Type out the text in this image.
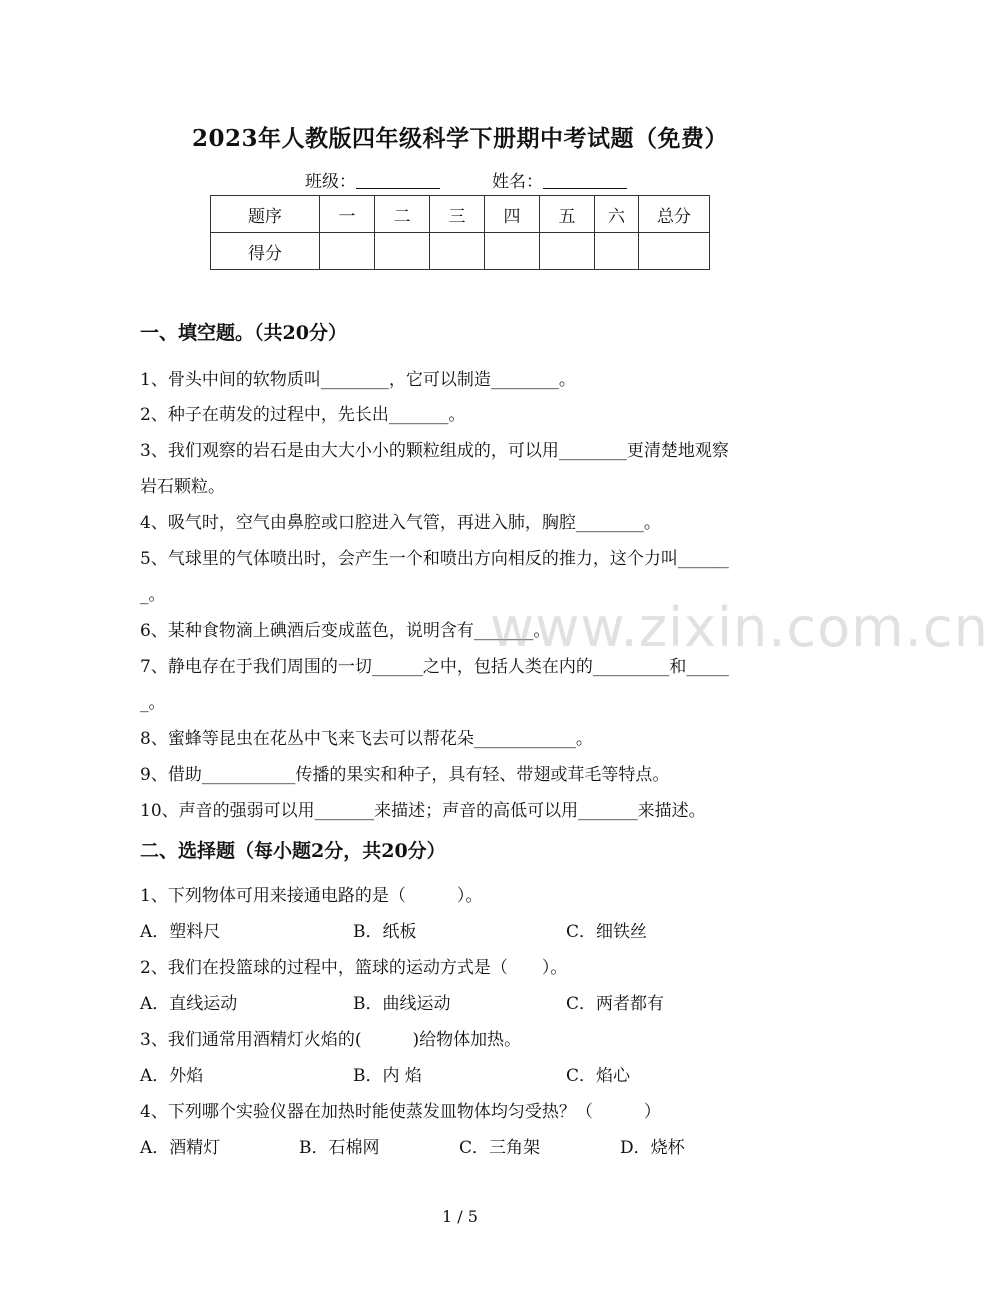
2023年人教版四年级科学下册期中考试题（免费）
班级：	姓名：
题序	一	二	三	四	五	六	总分
得分							
一、填空题。（共20分）
1、骨头中间的软物质叫________，它可以制造________。
2、种子在萌发的过程中，先长出_______。
3、我们观察的岩石是由大大小小的颗粒组成的，可以用________更清楚地观察
岩石颗粒。
4、吸气时，空气由鼻腔或口腔进入气管，再进入肺，胸腔________。
5、气球里的气体喷出时，会产生一个和喷出方向相反的推力，这个力叫______
_。
6、某种食物滴上碘酒后变成蓝色，说明含有_______。
7、静电存在于我们周围的一切______之中，包括人类在内的_________和_____
_。
8、蜜蜂等昆虫在花丛中飞来飞去可以帮花朵____________。
9、借助___________传播的果实和种子，具有轻、带翅或茸毛等特点。
10、声音的强弱可以用_______来描述；声音的高低可以用_______来描述。
二、选择题（每小题2分，共20分）
1、下列物体可用来接通电路的是（　　　）。
A．塑料尺	B．纸板	C．细铁丝
2、我们在投篮球的过程中，篮球的运动方式是（　　）。
A．直线运动	B．曲线运动	C．两者都有
3、我们通常用酒精灯火焰的(　　　)给物体加热。
A．外焰	B．内 焰	C．焰心
4、下列哪个实验仪器在加热时能使蒸发皿物体均匀受热？（　　　）
A．酒精灯	B．石棉网	C．三角架	D．烧杯
www.zixin.com.cn
1 / 5
